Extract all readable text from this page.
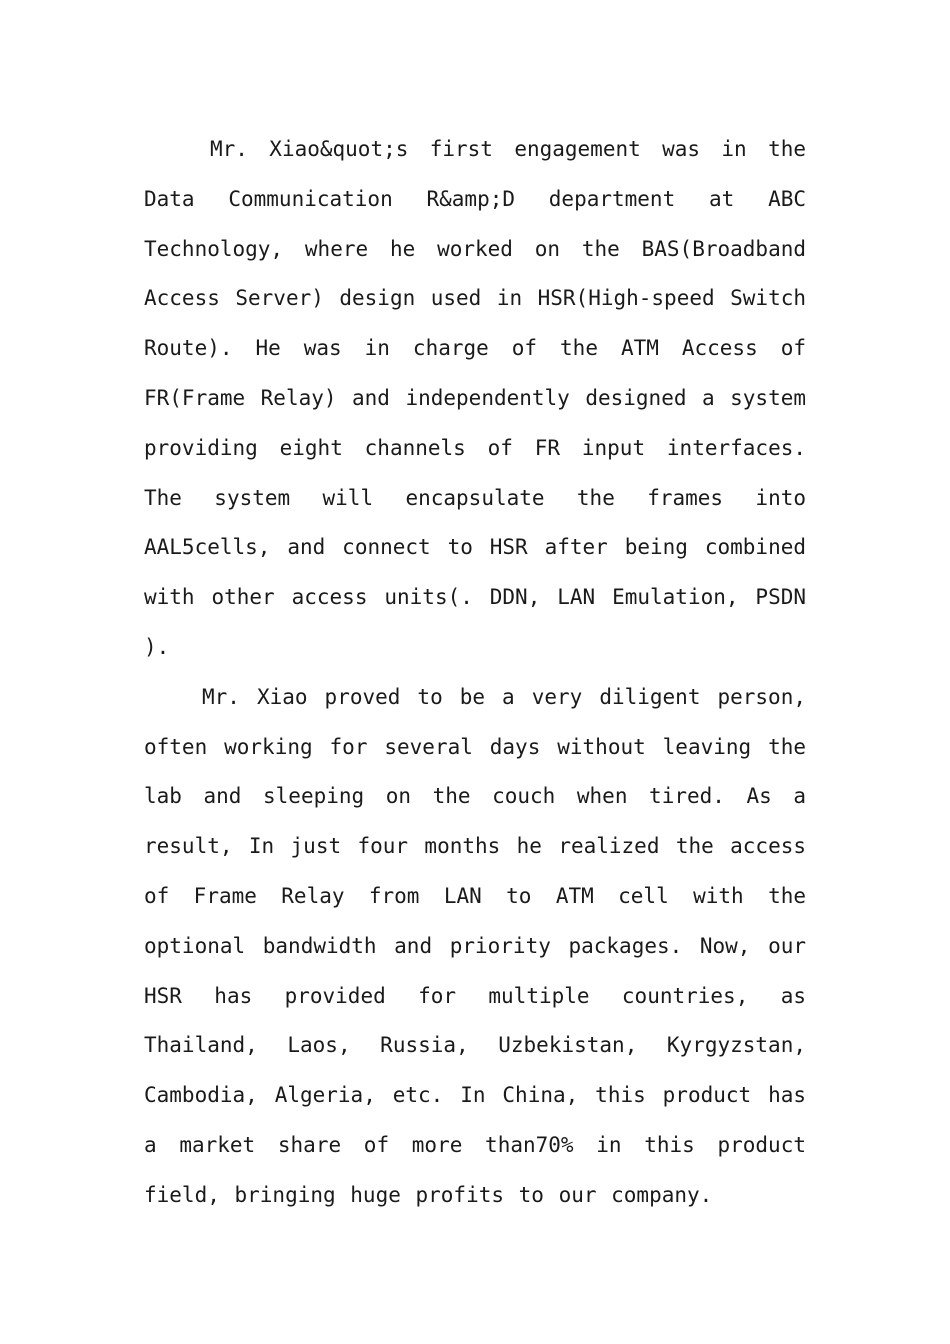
Mr. Xiao&quot;s first engagement was in the Data Communication R&amp;D department at ABC Technology, where he worked on the BAS(Broadband Access Server) design used in HSR(High-speed Switch Route). He was in charge of the ATM Access of FR(Frame Relay) and independently designed a system providing eight channels of FR input interfaces. The system will encapsulate the frames into AAL5cells, and connect to HSR after being combined with other access units(. DDN, LAN Emulation, PSDN ).

Mr. Xiao proved to be a very diligent person, often working for several days without leaving the lab and sleeping on the couch when tired. As a result, In just four months he realized the access of Frame Relay from LAN to ATM cell with the optional bandwidth and priority packages. Now, our HSR has provided for multiple countries, as Thailand, Laos, Russia, Uzbekistan, Kyrgyzstan, Cambodia, Algeria, etc. In China, this product has a market share of more than70% in this product field, bringing huge profits to our company.
